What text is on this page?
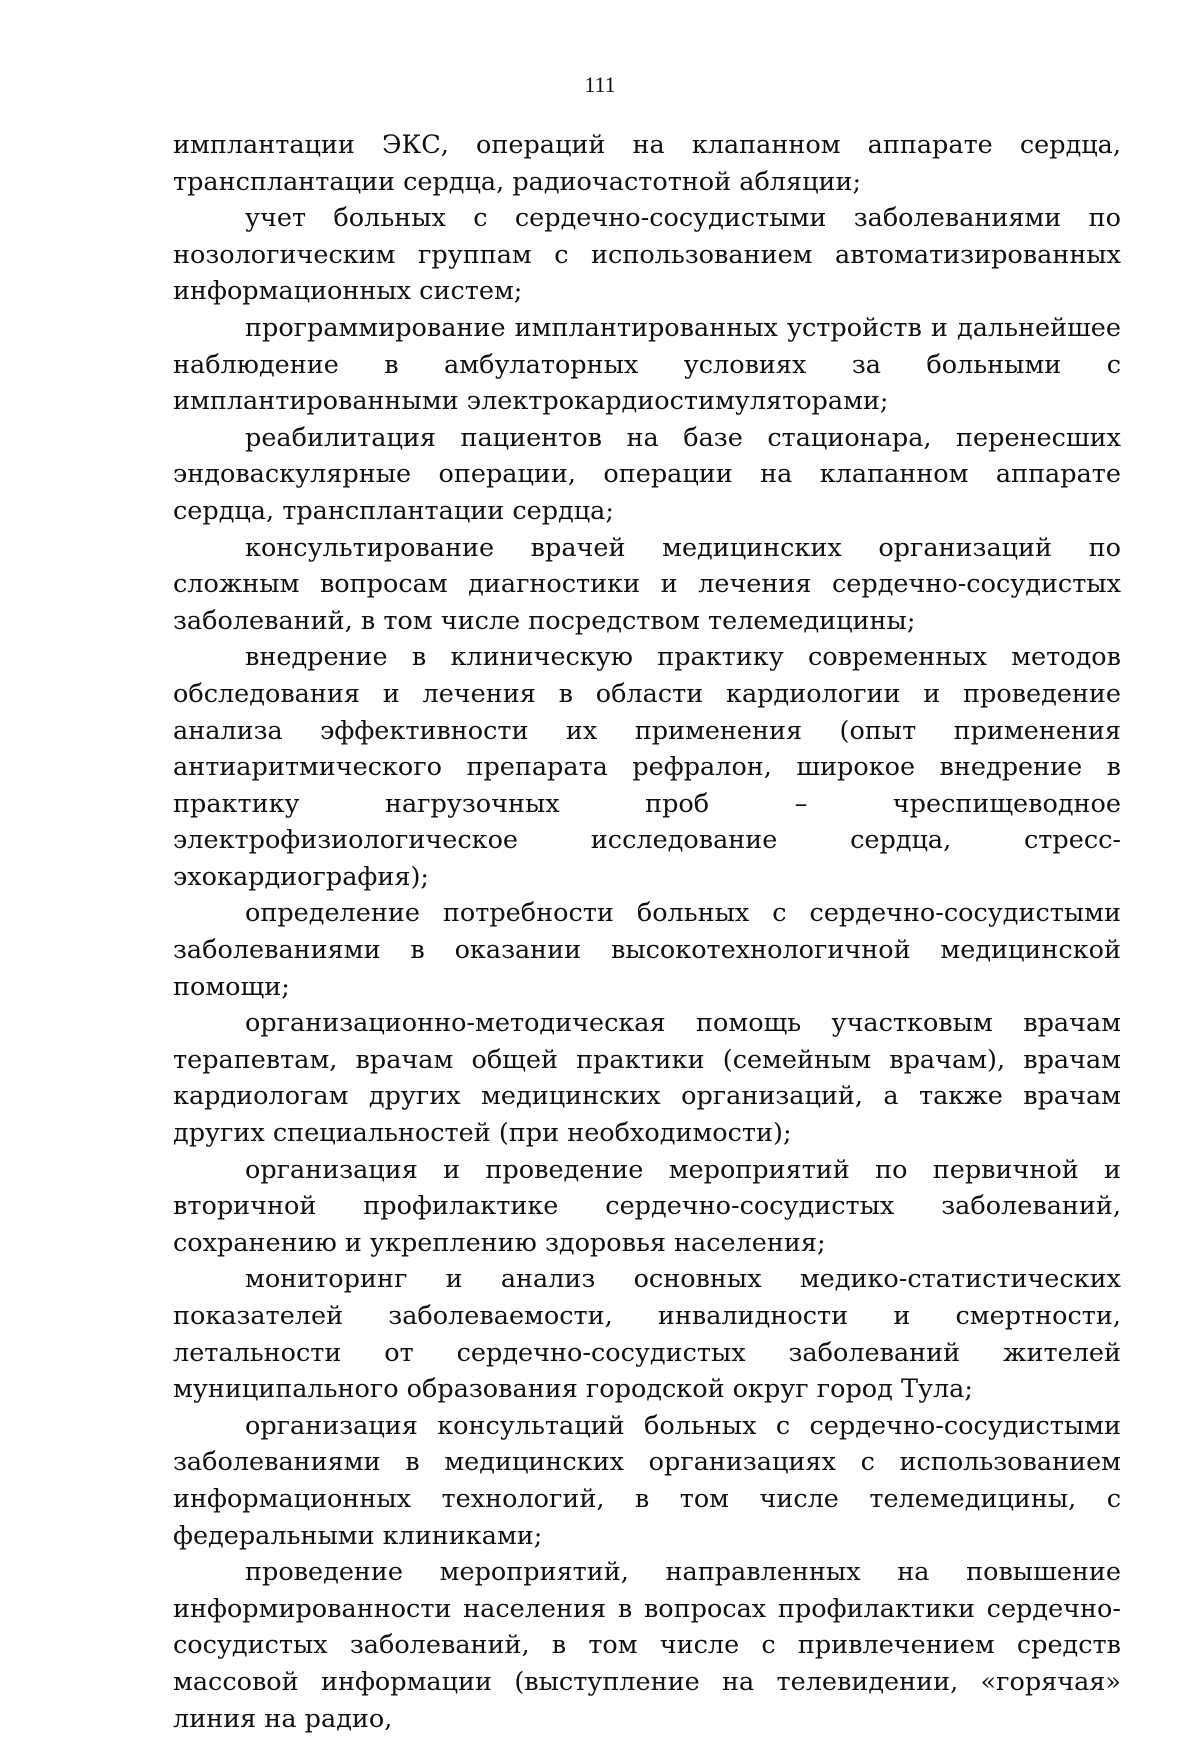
111

имплантации ЭКС, операций на клапанном аппарате сердца, трансплантации сердца, радиочастотной абляции;

учет больных с сердечно-сосудистыми заболеваниями по нозологическим группам с использованием автоматизированных информационных систем;

программирование имплантированных устройств и дальнейшее наблюдение в амбулаторных условиях за больными с имплантированными электрокардиостимуляторами;

реабилитация пациентов на базе стационара, перенесших эндоваскулярные операции, операции на клапанном аппарате сердца, трансплантации сердца;

консультирование врачей медицинских организаций по сложным вопросам диагностики и лечения сердечно-сосудистых заболеваний, в том числе посредством телемедицины;

внедрение в клиническую практику современных методов обследования и лечения в области кардиологии и проведение анализа эффективности их применения (опыт применения антиаритмического препарата рефралон, широкое внедрение в практику нагрузочных проб – чреспищеводное электрофизиологическое исследование сердца, стресс-эхокардиография);

определение потребности больных с сердечно-сосудистыми заболеваниями в оказании высокотехнологичной медицинской помощи;

организационно-методическая помощь участковым врачам терапевтам, врачам общей практики (семейным врачам), врачам кардиологам других медицинских организаций, а также врачам других специальностей (при необходимости);

организация и проведение мероприятий по первичной и вторичной профилактике сердечно-сосудистых заболеваний, сохранению и укреплению здоровья населения;

мониторинг и анализ основных медико-статистических показателей заболеваемости, инвалидности и смертности, летальности от сердечно-сосудистых заболеваний жителей муниципального образования городской округ город Тула;

организация консультаций больных с сердечно-сосудистыми заболеваниями в медицинских организациях с использованием информационных технологий, в том числе телемедицины, с федеральными клиниками;

проведение мероприятий, направленных на повышение информированности населения в вопросах профилактики сердечно-сосудистых заболеваний, в том числе с привлечением средств массовой информации (выступление на телевидении, «горячая» линия на радио,
